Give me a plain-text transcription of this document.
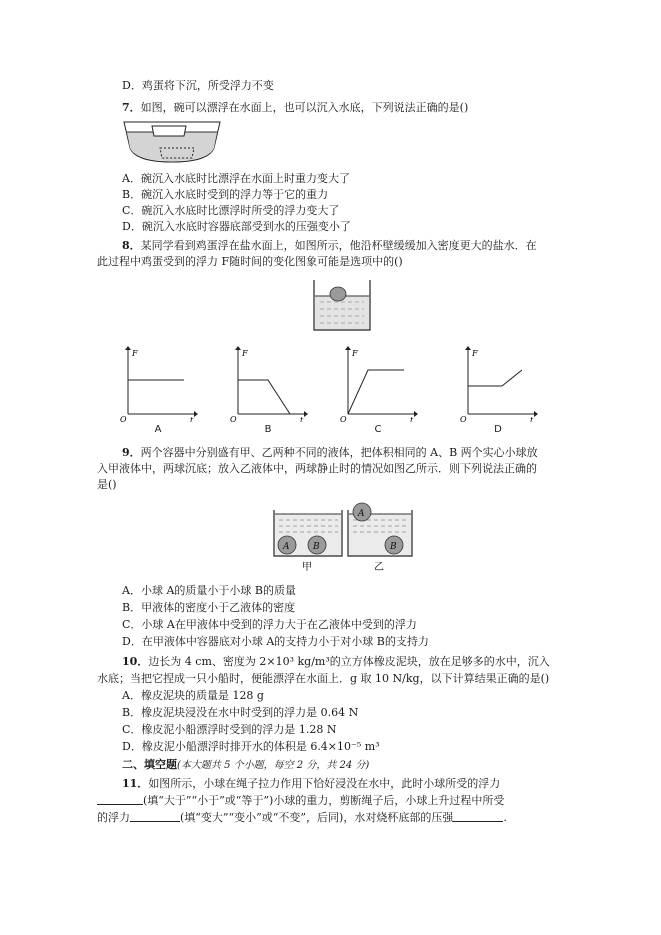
D．鸡蛋将下沉，所受浮力不变
7．如图，碗可以漂浮在水面上，也可以沉入水底，下列说法正确的是()
A．碗沉入水底时比漂浮在水面上时重力变大了
B．碗沉入水底时受到的浮力等于它的重力
C．碗沉入水底时比漂浮时所受的浮力变大了
D．碗沉入水底时容器底部受到水的压强变小了
8．某同学看到鸡蛋浮在盐水面上，如图所示，他沿杯壁缓缓加入密度更大的盐水．在
此过程中鸡蛋受到的浮力 F随时间的变化图象可能是选项中的()
F
t
O
A
F
t
O
B
F
t
O
C
F
t
O
D
9．两个容器中分别盛有甲、乙两种不同的液体，把体积相同的 A、B 两个实心小球放
入甲液体中，两球沉底；放入乙液体中，两球静止时的情况如图乙所示．则下列说法正确的
是()
A	B
甲
A
B
乙
A．小球 A的质量小于小球 B的质量
B．甲液体的密度小于乙液体的密度
C．小球 A在甲液体中受到的浮力大于在乙液体中受到的浮力
D．在甲液体中容器底对小球 A的支持力小于对小球 B的支持力
10．边长为 4 cm、密度为 2×10³ kg/m³的立方体橡皮泥块，放在足够多的水中，沉入
水底；当把它捏成一只小船时，便能漂浮在水面上．g 取 10 N/kg，以下计算结果正确的是()
A．橡皮泥块的质量是 128 g
B．橡皮泥块浸没在水中时受到的浮力是 0.64 N
C．橡皮泥小船漂浮时受到的浮力是 1.28 N
D．橡皮泥小船漂浮时排开水的体积是 6.4×10⁻⁵ m³
二、填空题(本大题共 5 个小题，每空 2 分，共 24 分)
11．如图所示，小球在绳子拉力作用下恰好浸没在水中，此时小球所受的浮力
(填“大于”“小于”或“等于”)小球的重力，剪断绳子后，小球上升过程中所受
的浮力	(填“变大”“变小”或“不变”，后同)，水对烧杯底部的压强	.
